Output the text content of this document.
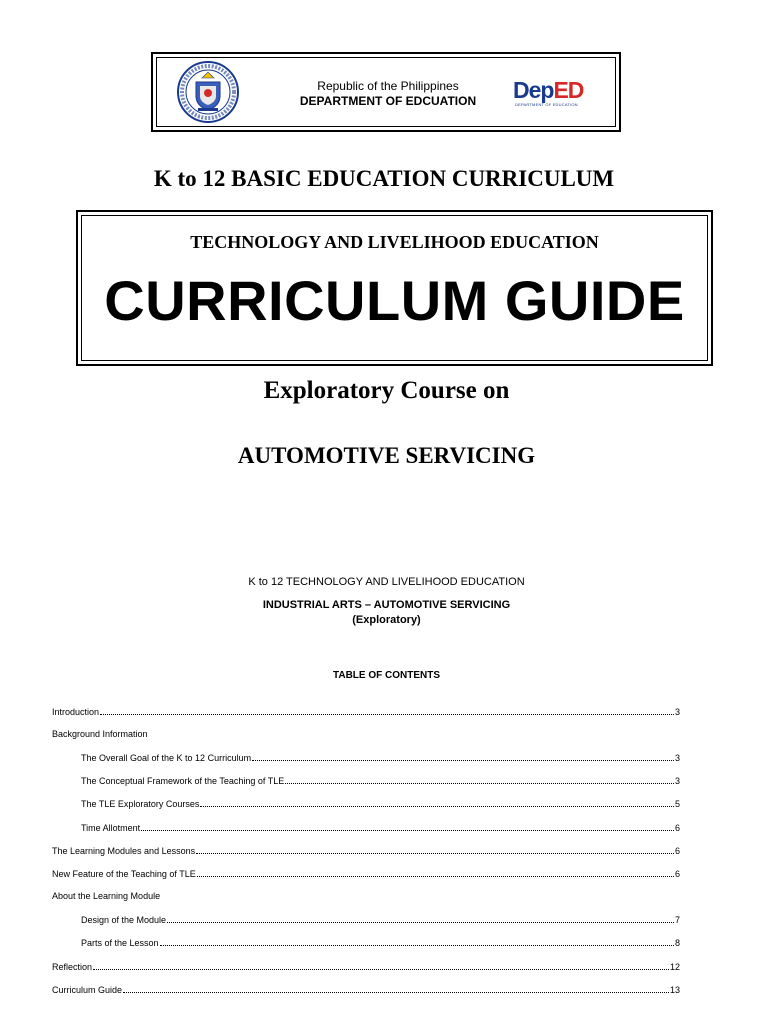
Republic of the Philippines
DEPARTMENT OF EDCUATION	DepED
DEPARTMENT OF EDUCATION
K to 12 BASIC EDUCATION CURRICULUM
TECHNOLOGY AND LIVELIHOOD EDUCATION
CURRICULUM GUIDE
Exploratory Course on
AUTOMOTIVE SERVICING
K to 12 TECHNOLOGY AND LIVELIHOOD EDUCATION
INDUSTRIAL ARTS – AUTOMOTIVE SERVICING
(Exploratory)
TABLE OF CONTENTS
Introduction	3
Background Information
The Overall Goal of the K to 12 Curriculum	3
The Conceptual Framework of the Teaching of TLE	3
The TLE Exploratory Courses	5
Time Allotment	6
The Learning Modules and Lessons	6
New Feature of the Teaching of TLE	6
About the Learning Module
Design of the Module	7
Parts of the Lesson	8
Reflection	12
Curriculum Guide	13
